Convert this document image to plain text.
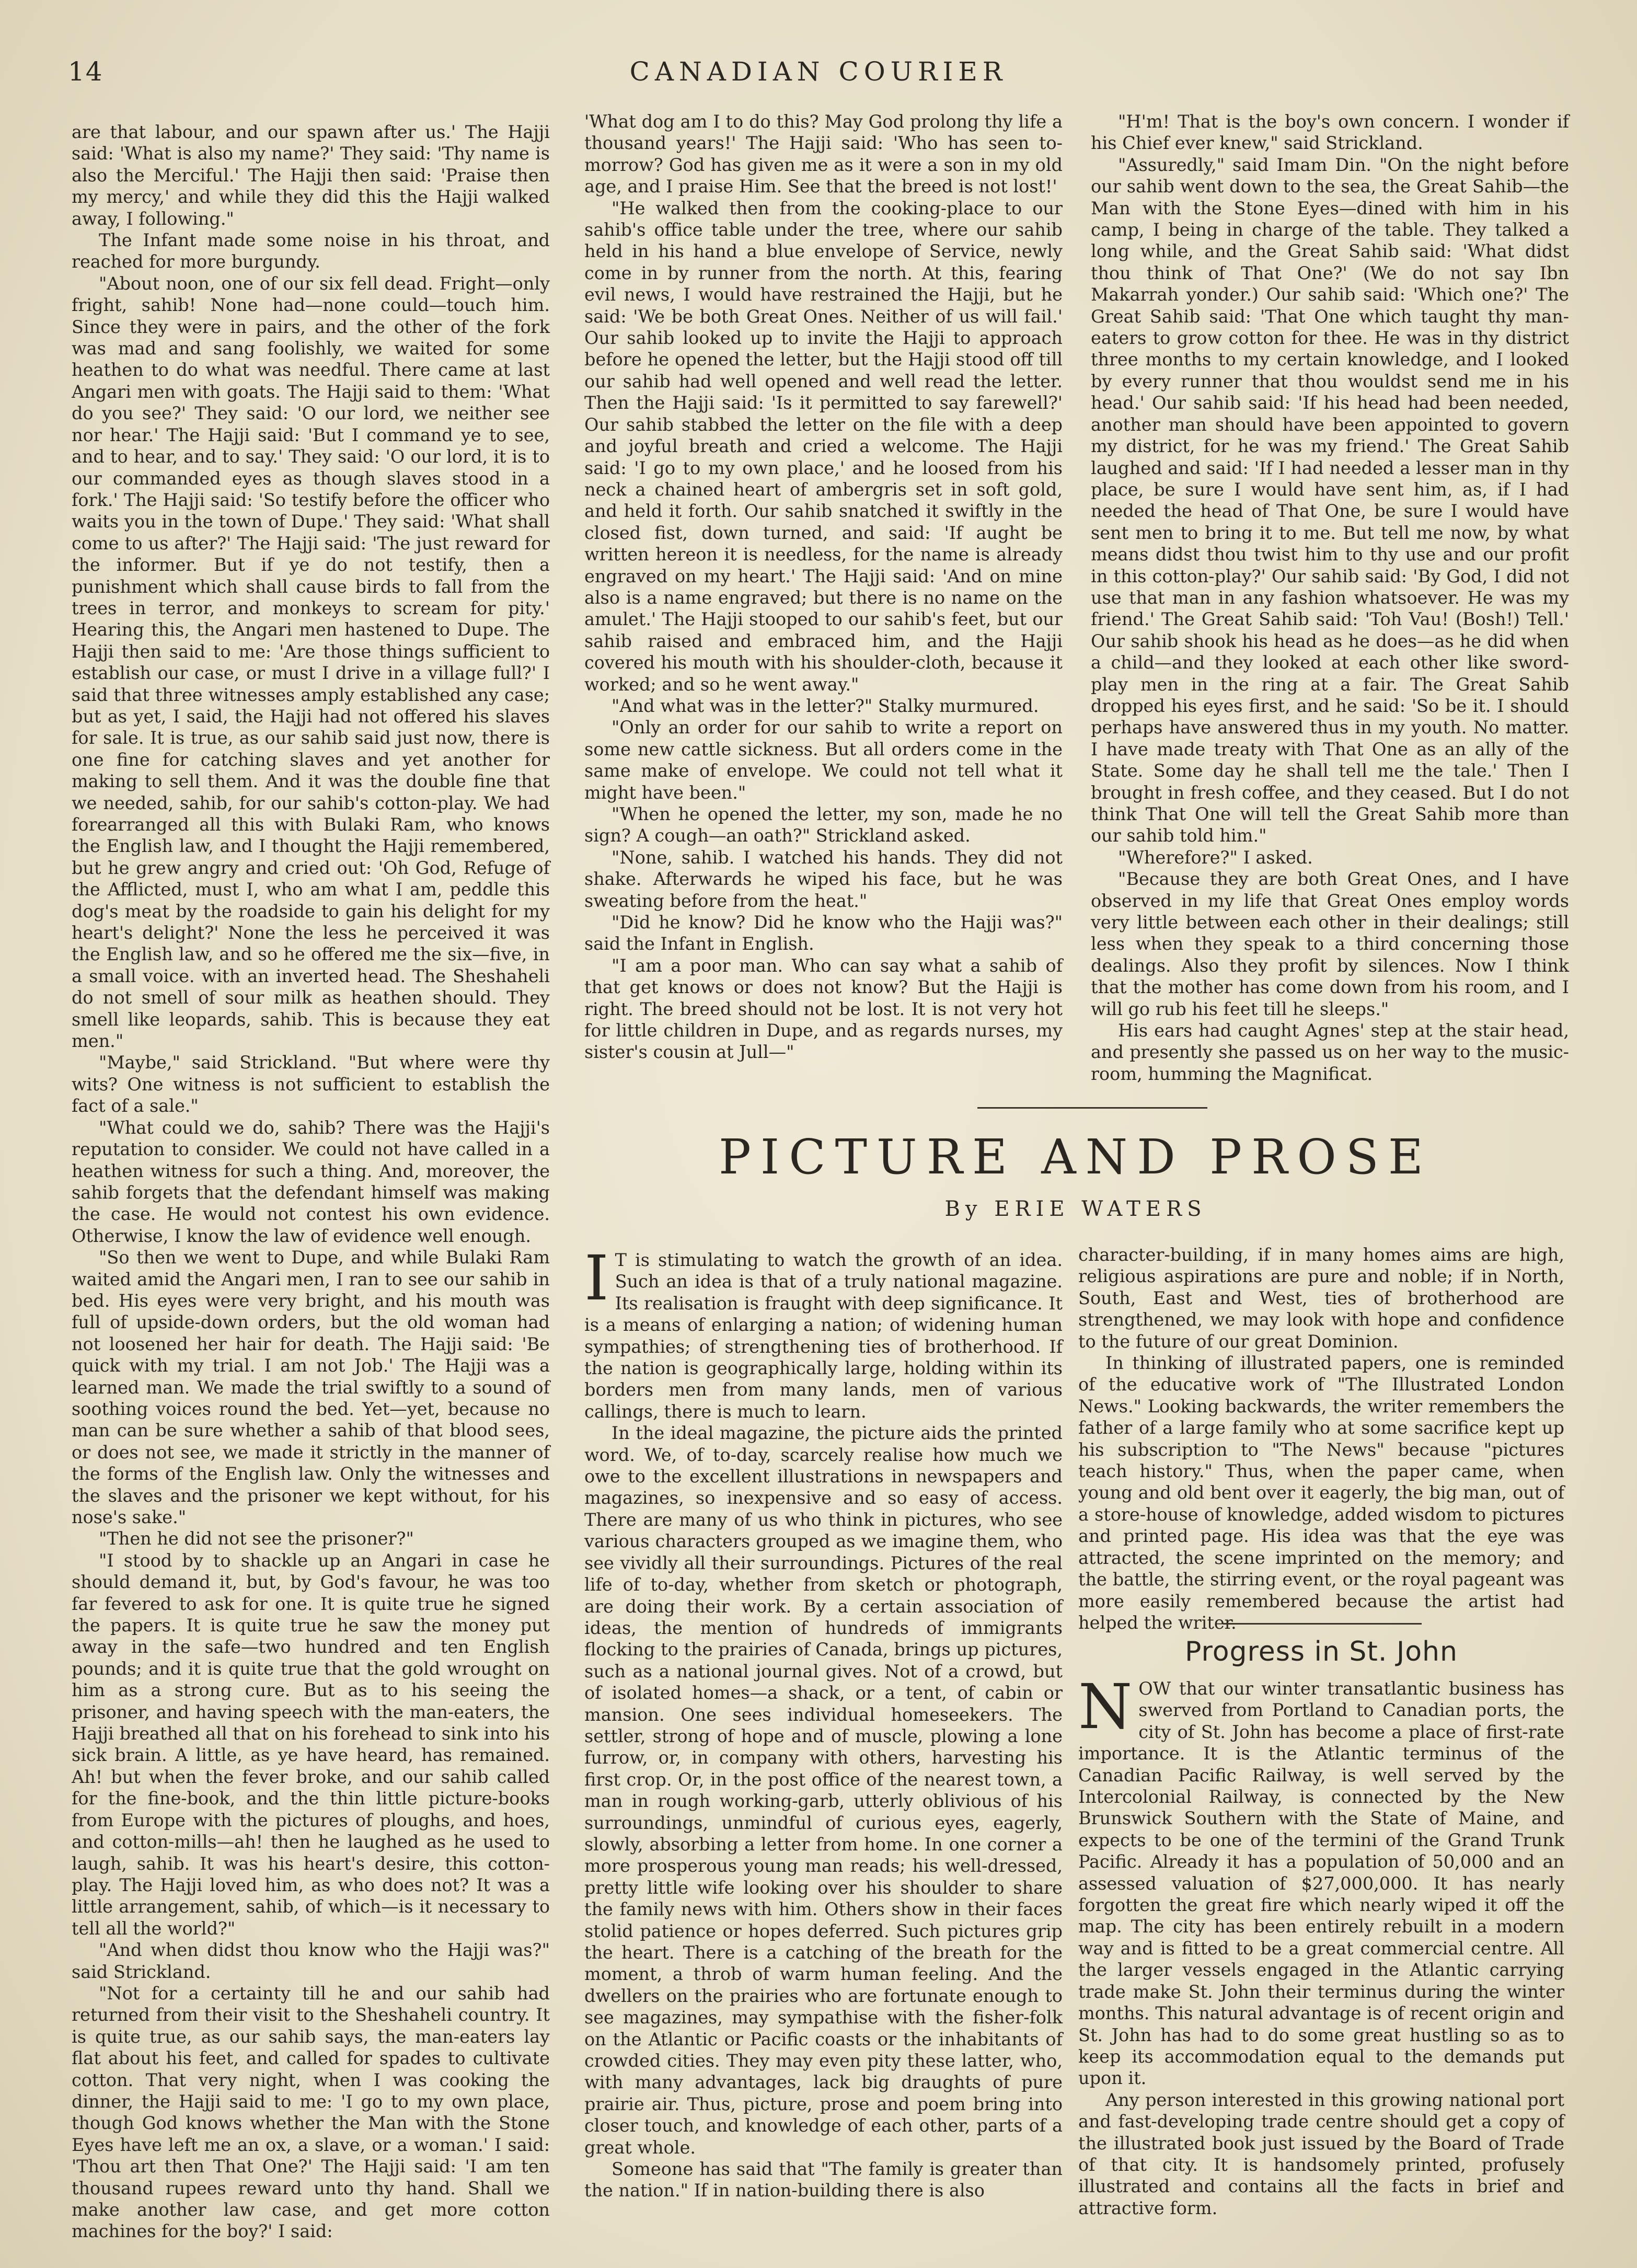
14	CANADIAN COURIER

are that labour, and our spawn after us.' The Hajji said: 'What is also my name?' They said: 'Thy name is also the Merciful.' The Hajji then said: 'Praise then my mercy,' and while they did this the Hajji walked away, I following."

The Infant made some noise in his throat, and reached for more burgundy.

"About noon, one of our six fell dead. Fright—only fright, sahib! None had—none could—touch him. Since they were in pairs, and the other of the fork was mad and sang foolishly, we waited for some heathen to do what was needful. There came at last Angari men with goats. The Hajji said to them: 'What do you see?' They said: 'O our lord, we neither see nor hear.' The Hajji said: 'But I command ye to see, and to hear, and to say.' They said: 'O our lord, it is to our commanded eyes as though slaves stood in a fork.' The Hajji said: 'So testify before the officer who waits you in the town of Dupe.' They said: 'What shall come to us after?' The Hajji said: 'The just reward for the informer. But if ye do not testify, then a punishment which shall cause birds to fall from the trees in terror, and monkeys to scream for pity.' Hearing this, the Angari men hastened to Dupe. The Hajji then said to me: 'Are those things sufficient to establish our case, or must I drive in a village full?' I said that three witnesses amply established any case; but as yet, I said, the Hajji had not offered his slaves for sale. It is true, as our sahib said just now, there is one fine for catching slaves and yet another for making to sell them. And it was the double fine that we needed, sahib, for our sahib's cotton-play. We had forearranged all this with Bulaki Ram, who knows the English law, and I thought the Hajji remembered, but he grew angry and cried out: 'Oh God, Refuge of the Afflicted, must I, who am what I am, peddle this dog's meat by the roadside to gain his delight for my heart's delight?' None the less he perceived it was the English law, and so he offered me the six—five, in a small voice. with an inverted head. The Sheshaheli do not smell of sour milk as heathen should. They smell like leopards, sahib. This is because they eat men."

"Maybe," said Strickland. "But where were thy wits? One witness is not sufficient to establish the fact of a sale."

"What could we do, sahib? There was the Hajji's reputation to consider. We could not have called in a heathen witness for such a thing. And, moreover, the sahib forgets that the defendant himself was making the case. He would not contest his own evidence. Otherwise, I know the law of evidence well enough.

"So then we went to Dupe, and while Bulaki Ram waited amid the Angari men, I ran to see our sahib in bed. His eyes were very bright, and his mouth was full of upside-down orders, but the old woman had not loosened her hair for death. The Hajji said: 'Be quick with my trial. I am not Job.' The Hajji was a learned man. We made the trial swiftly to a sound of soothing voices round the bed. Yet—yet, because no man can be sure whether a sahib of that blood sees, or does not see, we made it strictly in the manner of the forms of the English law. Only the witnesses and the slaves and the prisoner we kept without, for his nose's sake."

"Then he did not see the prisoner?"

"I stood by to shackle up an Angari in case he should demand it, but, by God's favour, he was too far fevered to ask for one. It is quite true he signed the papers. It is quite true he saw the money put away in the safe—two hundred and ten English pounds; and it is quite true that the gold wrought on him as a strong cure. But as to his seeing the prisoner, and having speech with the man-eaters, the Hajji breathed all that on his forehead to sink into his sick brain. A little, as ye have heard, has remained. Ah! but when the fever broke, and our sahib called for the fine-book, and the thin little picture-books from Europe with the pictures of ploughs, and hoes, and cotton-mills—ah! then he laughed as he used to laugh, sahib. It was his heart's desire, this cotton-play. The Hajji loved him, as who does not? It was a little arrangement, sahib, of which—is it necessary to tell all the world?"

"And when didst thou know who the Hajji was?" said Strickland.

"Not for a certainty till he and our sahib had returned from their visit to the Sheshaheli country. It is quite true, as our sahib says, the man-eaters lay flat about his feet, and called for spades to cultivate cotton. That very night, when I was cooking the dinner, the Hajji said to me: 'I go to my own place, though God knows whether the Man with the Stone Eyes have left me an ox, a slave, or a woman.' I said: 'Thou art then That One?' The Hajji said: 'I am ten thousand rupees reward unto thy hand. Shall we make another law case, and get more cotton machines for the boy?' I said:

'What dog am I to do this? May God prolong thy life a thousand years!' The Hajji said: 'Who has seen to-morrow? God has given me as it were a son in my old age, and I praise Him. See that the breed is not lost!'

"He walked then from the cooking-place to our sahib's office table under the tree, where our sahib held in his hand a blue envelope of Service, newly come in by runner from the north. At this, fearing evil news, I would have restrained the Hajji, but he said: 'We be both Great Ones. Neither of us will fail.' Our sahib looked up to invite the Hajji to approach before he opened the letter, but the Hajji stood off till our sahib had well opened and well read the letter. Then the Hajji said: 'Is it permitted to say farewell?' Our sahib stabbed the letter on the file with a deep and joyful breath and cried a welcome. The Hajji said: 'I go to my own place,' and he loosed from his neck a chained heart of ambergris set in soft gold, and held it forth. Our sahib snatched it swiftly in the closed fist, down turned, and said: 'If aught be written hereon it is needless, for the name is already engraved on my heart.' The Hajji said: 'And on mine also is a name engraved; but there is no name on the amulet.' The Hajji stooped to our sahib's feet, but our sahib raised and embraced him, and the Hajji covered his mouth with his shoulder-cloth, because it worked; and so he went away."

"And what was in the letter?" Stalky murmured.

"Only an order for our sahib to write a report on some new cattle sickness. But all orders come in the same make of envelope. We could not tell what it might have been."

"When he opened the letter, my son, made he no sign? A cough—an oath?" Strickland asked.

"None, sahib. I watched his hands. They did not shake. Afterwards he wiped his face, but he was sweating before from the heat."

"Did he know? Did he know who the Hajji was?" said the Infant in English.

"I am a poor man. Who can say what a sahib of that get knows or does not know? But the Hajji is right. The breed should not be lost. It is not very hot for little children in Dupe, and as regards nurses, my sister's cousin at Jull—"

"H'm! That is the boy's own concern. I wonder if his Chief ever knew," said Strickland.

"Assuredly," said Imam Din. "On the night before our sahib went down to the sea, the Great Sahib—the Man with the Stone Eyes—dined with him in his camp, I being in charge of the table. They talked a long while, and the Great Sahib said: 'What didst thou think of That One?' (We do not say Ibn Makarrah yonder.) Our sahib said: 'Which one?' The Great Sahib said: 'That One which taught thy man-eaters to grow cotton for thee. He was in thy district three months to my certain knowledge, and I looked by every runner that thou wouldst send me in his head.' Our sahib said: 'If his head had been needed, another man should have been appointed to govern my district, for he was my friend.' The Great Sahib laughed and said: 'If I had needed a lesser man in thy place, be sure I would have sent him, as, if I had needed the head of That One, be sure I would have sent men to bring it to me. But tell me now, by what means didst thou twist him to thy use and our profit in this cotton-play?' Our sahib said: 'By God, I did not use that man in any fashion whatsoever. He was my friend.' The Great Sahib said: 'Toh Vau! (Bosh!) Tell.' Our sahib shook his head as he does—as he did when a child—and they looked at each other like sword-play men in the ring at a fair. The Great Sahib dropped his eyes first, and he said: 'So be it. I should perhaps have answered thus in my youth. No matter. I have made treaty with That One as an ally of the State. Some day he shall tell me the tale.' Then I brought in fresh coffee, and they ceased. But I do not think That One will tell the Great Sahib more than our sahib told him."

"Wherefore?" I asked.

"Because they are both Great Ones, and I have observed in my life that Great Ones employ words very little between each other in their dealings; still less when they speak to a third concerning those dealings. Also they profit by silences. Now I think that the mother has come down from his room, and I will go rub his feet till he sleeps."

His ears had caught Agnes' step at the stair head, and presently she passed us on her way to the music-room, humming the Magnificat.

PICTURE AND PROSE
By ERIE WATERS

I T is stimulating to watch the growth of an idea. Such an idea is that of a truly national magazine. Its realisation is fraught with deep significance. It is a means of enlarging a nation; of widening human sympathies; of strengthening ties of brotherhood. If the nation is geographically large, holding within its borders men from many lands, men of various callings, there is much to learn.

In the ideal magazine, the picture aids the printed word. We, of to-day, scarcely realise how much we owe to the excellent illustrations in newspapers and magazines, so inexpensive and so easy of access. There are many of us who think in pictures, who see various characters grouped as we imagine them, who see vividly all their surroundings. Pictures of the real life of to-day, whether from sketch or photograph, are doing their work. By a certain association of ideas, the mention of hundreds of immigrants flocking to the prairies of Canada, brings up pictures, such as a national journal gives. Not of a crowd, but of isolated homes—a shack, or a tent, of cabin or mansion. One sees individual homeseekers. The settler, strong of hope and of muscle, plowing a lone furrow, or, in company with others, harvesting his first crop. Or, in the post office of the nearest town, a man in rough working-garb, utterly oblivious of his surroundings, unmindful of curious eyes, eagerly, slowly, absorbing a letter from home. In one corner a more prosperous young man reads; his well-dressed, pretty little wife looking over his shoulder to share the family news with him. Others show in their faces stolid patience or hopes deferred. Such pictures grip the heart. There is a catching of the breath for the moment, a throb of warm human feeling. And the dwellers on the prairies who are fortunate enough to see magazines, may sympathise with the fisher-folk on the Atlantic or Pacific coasts or the inhabitants of crowded cities. They may even pity these latter, who, with many advantages, lack big draughts of pure prairie air. Thus, picture, prose and poem bring into closer touch, and knowledge of each other, parts of a great whole.

Someone has said that "The family is greater than the nation." If in nation-building there is also

character-building, if in many homes aims are high, religious aspirations are pure and noble; if in North, South, East and West, ties of brotherhood are strengthened, we may look with hope and confidence to the future of our great Dominion.

In thinking of illustrated papers, one is reminded of the educative work of "The Illustrated London News." Looking backwards, the writer remembers the father of a large family who at some sacrifice kept up his subscription to "The News" because "pictures teach history." Thus, when the paper came, when young and old bent over it eagerly, the big man, out of a store-house of knowledge, added wisdom to pictures and printed page. His idea was that the eye was attracted, the scene imprinted on the memory; and the battle, the stirring event, or the royal pageant was more easily remembered because the artist had helped the writer.

Progress in St. John

NOW that our winter transatlantic business has swerved from Portland to Canadian ports, the city of St. John has become a place of first-rate importance. It is the Atlantic terminus of the Canadian Pacific Railway, is well served by the Intercolonial Railway, is connected by the New Brunswick Southern with the State of Maine, and expects to be one of the termini of the Grand Trunk Pacific. Already it has a population of 50,000 and an assessed valuation of $27,000,000. It has nearly forgotten the great fire which nearly wiped it off the map. The city has been entirely rebuilt in a modern way and is fitted to be a great commercial centre. All the larger vessels engaged in the Atlantic carrying trade make St. John their terminus during the winter months. This natural advantage is of recent origin and St. John has had to do some great hustling so as to keep its accommodation equal to the demands put upon it.

Any person interested in this growing national port and fast-developing trade centre should get a copy of the illustrated book just issued by the Board of Trade of that city. It is handsomely printed, profusely illustrated and contains all the facts in brief and attractive form.
